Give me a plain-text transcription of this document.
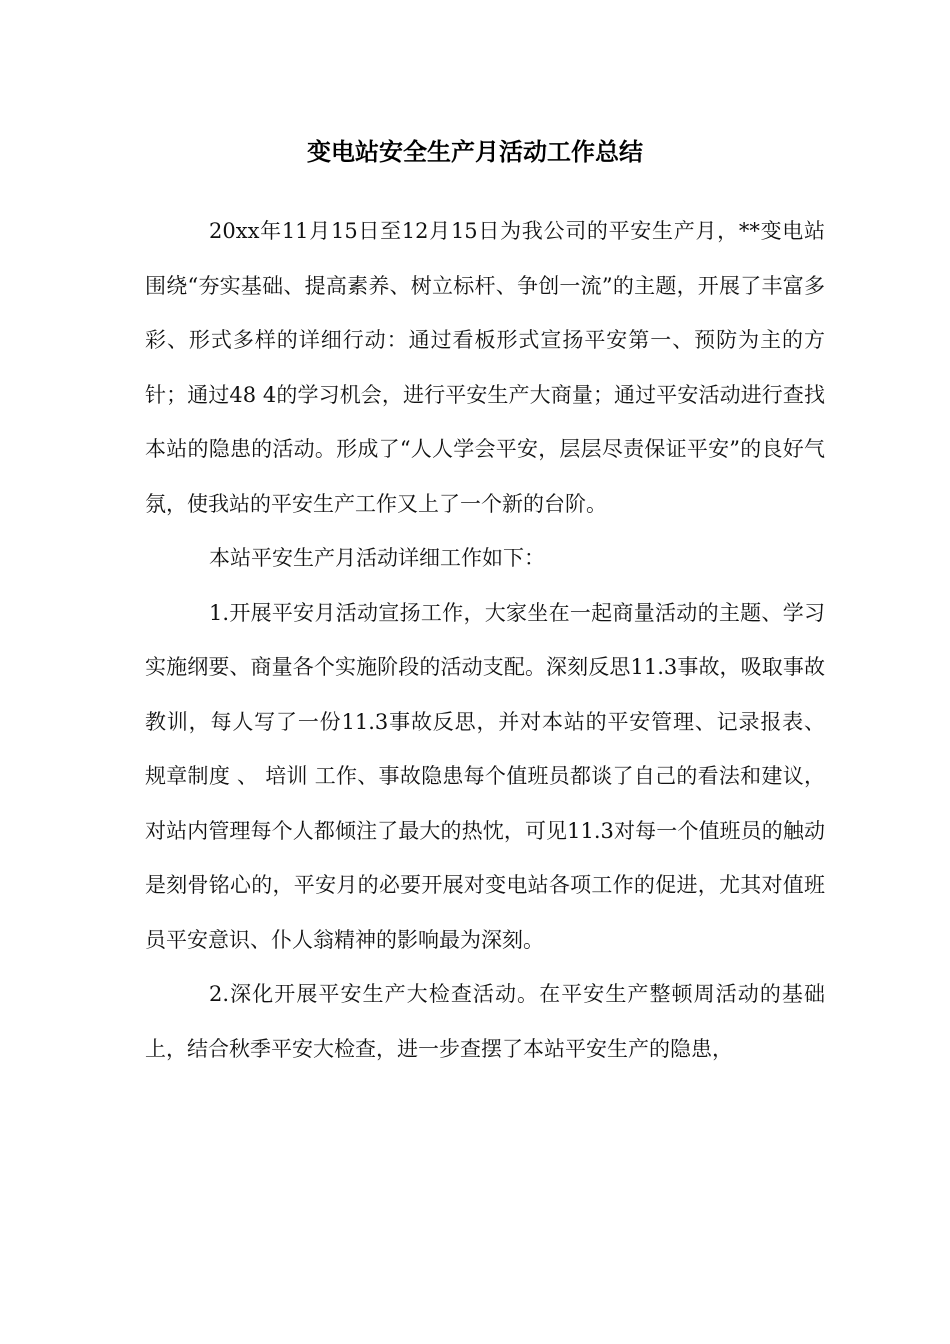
变电站安全生产月活动工作总结

20xx年11月15日至12月15日为我公司的平安生产月，**变电站围绕“夯实基础、提高素养、树立标杆、争创一流”的主题，开展了丰富多彩、形式多样的详细行动：通过看板形式宣扬平安第一、预防为主的方针；通过48 4的学习机会，进行平安生产大商量；通过平安活动进行查找本站的隐患的活动。形成了“人人学会平安，层层尽责保证平安”的良好气氛，使我站的平安生产工作又上了一个新的台阶。

本站平安生产月活动详细工作如下：

1.开展平安月活动宣扬工作，大家坐在一起商量活动的主题、学习实施纲要、商量各个实施阶段的活动支配。深刻反思11.3事故，吸取事故教训，每人写了一份11.3事故反思，并对本站的平安管理、记录报表、 规章制度 、 培训 工作、事故隐患每个值班员都谈了自己的看法和建议，对站内管理每个人都倾注了最大的热忱，可见11.3对每一个值班员的触动是刻骨铭心的，平安月的必要开展对变电站各项工作的促进，尤其对值班员平安意识、仆人翁精神的影响最为深刻。

2.深化开展平安生产大检查活动。在平安生产整顿周活动的基础上，结合秋季平安大检查，进一步查摆了本站平安生产的隐患，
